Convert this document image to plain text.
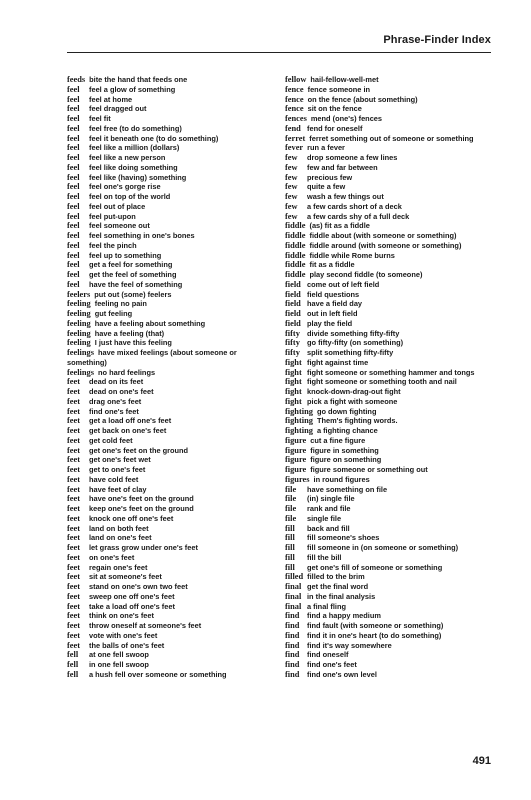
Phrase-Finder Index
feeds bite the hand that feeds one
feel feel a glow of something
feel feel at home
feel feel dragged out
feel feel fit
feel feel free (to do something)
feel feel it beneath one (to do something)
feel feel like a million (dollars)
feel feel like a new person
feel feel like doing something
feel feel like (having) something
feel feel one's gorge rise
feel feel on top of the world
feel feel out of place
feel feel put-upon
feel feel someone out
feel feel something in one's bones
feel feel the pinch
feel feel up to something
feel get a feel for something
feel get the feel of something
feel have the feel of something
feelers put out (some) feelers
feeling feeling no pain
feeling gut feeling
feeling have a feeling about something
feeling have a feeling (that)
feeling I just have this feeling
feelings have mixed feelings (about someone or something)
feelings no hard feelings
feet dead on its feet
feet dead on one's feet
feet drag one's feet
feet find one's feet
feet get a load off one's feet
feet get back on one's feet
feet get cold feet
feet get one's feet on the ground
feet get one's feet wet
feet get to one's feet
feet have cold feet
feet have feet of clay
feet have one's feet on the ground
feet keep one's feet on the ground
feet knock one off one's feet
feet land on both feet
feet land on one's feet
feet let grass grow under one's feet
feet on one's feet
feet regain one's feet
feet sit at someone's feet
feet stand on one's own two feet
feet sweep one off one's feet
feet take a load off one's feet
feet think on one's feet
feet throw oneself at someone's feet
feet vote with one's feet
feet the balls of one's feet
fell at one fell swoop
fell in one fell swoop
fell a hush fell over someone or something
fellow hail-fellow-well-met
fence fence someone in
fence on the fence (about something)
fence sit on the fence
fences mend (one's) fences
fend fend for oneself
ferret ferret something out of someone or something
fever run a fever
few drop someone a few lines
few few and far between
few precious few
few quite a few
few wash a few things out
few a few cards short of a deck
few a few cards shy of a full deck
fiddle (as) fit as a fiddle
fiddle fiddle about (with someone or something)
fiddle fiddle around (with someone or something)
fiddle fiddle while Rome burns
fiddle fit as a fiddle
fiddle play second fiddle (to someone)
field come out of left field
field field questions
field have a field day
field out in left field
field play the field
fifty divide something fifty-fifty
fifty go fifty-fifty (on something)
fifty split something fifty-fifty
fight fight against time
fight fight someone or something hammer and tongs
fight fight someone or something tooth and nail
fight knock-down-drag-out fight
fight pick a fight with someone
fighting go down fighting
fighting Them's fighting words.
fighting a fighting chance
figure cut a fine figure
figure figure in something
figure figure on something
figure figure someone or something out
figures in round figures
file have something on file
file (in) single file
file rank and file
file single file
fill back and fill
fill fill someone's shoes
fill fill someone in (on someone or something)
fill fill the bill
fill get one's fill of someone or something
filled filled to the brim
final get the final word
final in the final analysis
final a final fling
find find a happy medium
find find fault (with someone or something)
find find it in one's heart (to do something)
find find it's way somewhere
find find oneself
find find one's feet
find find one's own level
491
